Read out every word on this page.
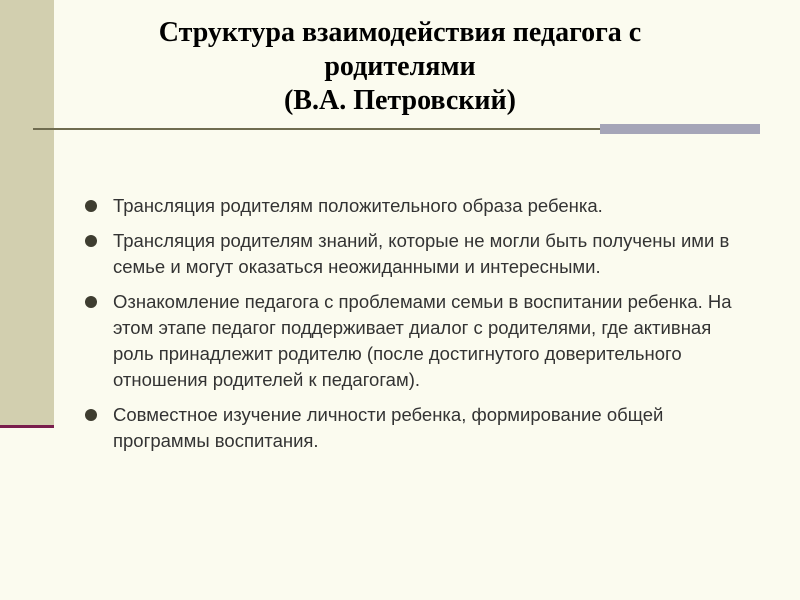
Структура взаимодействия педагога с
родителями
(В.А. Петровский)
Трансляция родителям положительного образа ребенка.
Трансляция родителям знаний, которые не могли быть получены ими в семье и могут оказаться неожиданными и интересными.
Ознакомление педагога с проблемами семьи в воспитании ребенка. На этом этапе педагог поддерживает диалог с родителями, где активная роль принадлежит родителю (после достигнутого доверительного отношения родителей к педагогам).
Совместное изучение личности ребенка, формирование общей программы воспитания.
